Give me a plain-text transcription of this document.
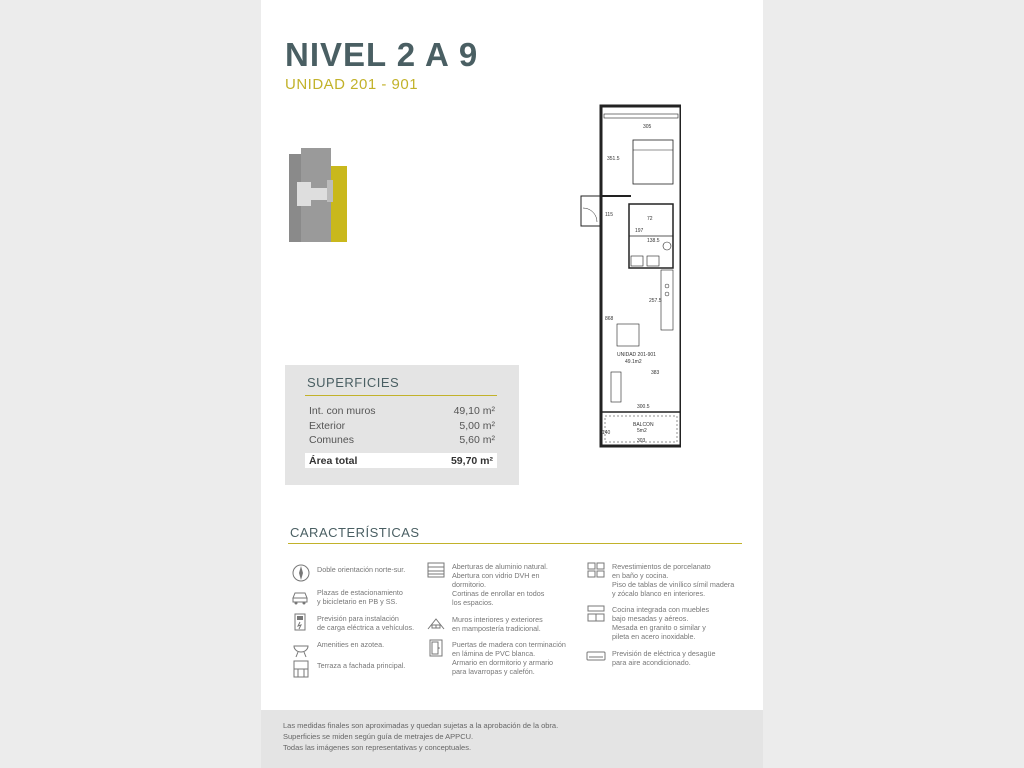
NIVEL 2 A 9
UNIDAD 201 - 901
305
351.5
115
72
197
138.5
257.5
868
383
300.5
303
140
UNIDAD 201-901
49.1m2
BALCON
5m2
SUPERFICIES
Int. con muros	49,10 m²
Exterior	5,00 m²
Comunes	5,60 m²
Área total	59,70 m²
CARACTERÍSTICAS
Doble orientación norte-sur.
Plazas de estacionamiento
y bicicletario en PB y SS.
Previsión para instalación
de carga eléctrica a vehículos.
Amenities en azotea.
Terraza a fachada principal.
Aberturas de aluminio natural.
Abertura con vidrio DVH en
dormitorio.
Cortinas de enrollar en todos
los espacios.
Muros interiores y exteriores
en mampostería tradicional.
Puertas de madera con terminación
en lámina de PVC blanca.
Armario en dormitorio y armario
para lavarropas y calefón.
Revestimientos de porcelanato
en baño y cocina.
Piso de tablas de vinílico símil madera
y zócalo blanco en interiores.
Cocina integrada con muebles
bajo mesadas y aéreos.
Mesada en granito o similar y
pileta en acero inoxidable.
Previsión de eléctrica y desagüe
para aire acondicionado.
Las medidas finales son aproximadas y quedan sujetas a la aprobación de la obra.
Superficies se miden según guía de metrajes de APPCU.
Todas las imágenes son representativas y conceptuales.
